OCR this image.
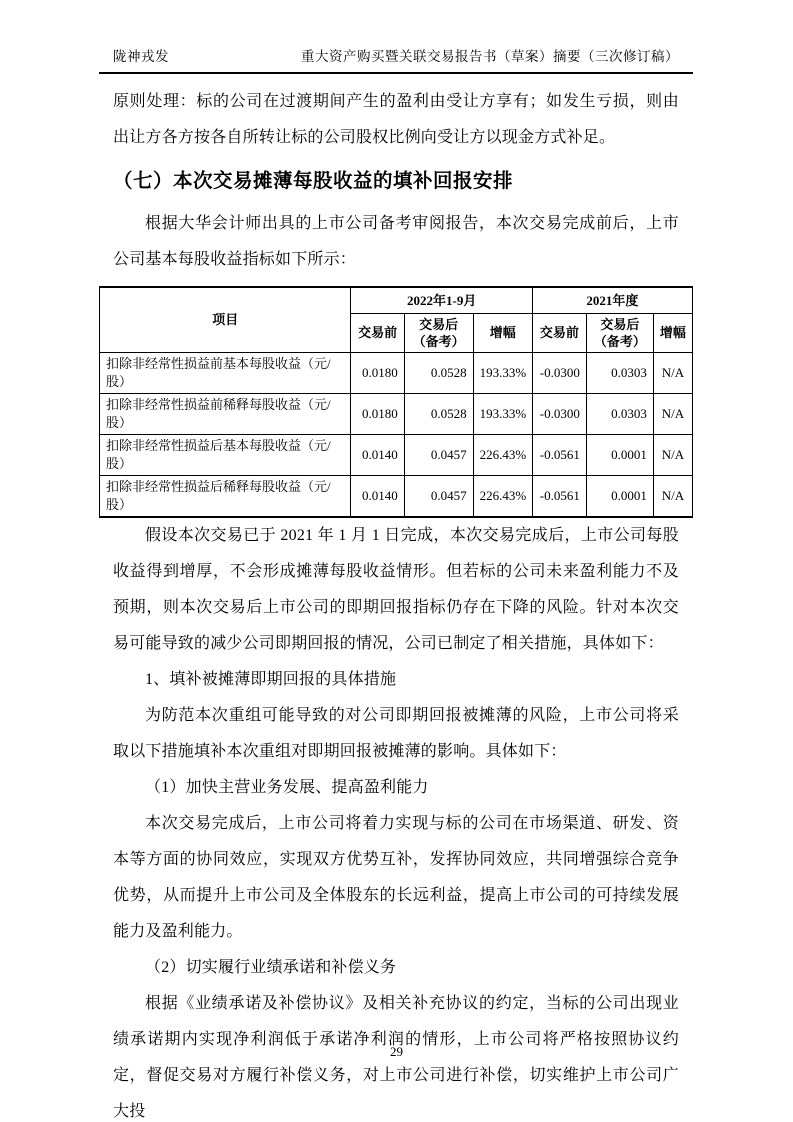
陇神戎发	重大资产购买暨关联交易报告书（草案）摘要（三次修订稿）

原则处理：标的公司在过渡期间产生的盈利由受让方享有；如发生亏损，则由出让方各方按各自所转让标的公司股权比例向受让方以现金方式补足。

（七）本次交易摊薄每股收益的填补回报安排

根据大华会计师出具的上市公司备考审阅报告，本次交易完成前后，上市公司基本每股收益指标如下所示：

项目	2022年1-9月			2021年度		
	交易前	交易后（备考）	增幅	交易前	交易后（备考）	增幅
扣除非经常性损益前基本每股收益（元/股）	0.0180	0.0528	193.33%	-0.0300	0.0303	N/A
扣除非经常性损益前稀释每股收益（元/股）	0.0180	0.0528	193.33%	-0.0300	0.0303	N/A
扣除非经常性损益后基本每股收益（元/股）	0.0140	0.0457	226.43%	-0.0561	0.0001	N/A
扣除非经常性损益后稀释每股收益（元/股）	0.0140	0.0457	226.43%	-0.0561	0.0001	N/A

假设本次交易已于 2021 年 1 月 1 日完成，本次交易完成后，上市公司每股收益得到增厚，不会形成摊薄每股收益情形。但若标的公司未来盈利能力不及预期，则本次交易后上市公司的即期回报指标仍存在下降的风险。针对本次交易可能导致的减少公司即期回报的情况，公司已制定了相关措施，具体如下：

1、填补被摊薄即期回报的具体措施

为防范本次重组可能导致的对公司即期回报被摊薄的风险，上市公司将采取以下措施填补本次重组对即期回报被摊薄的影响。具体如下：

（1）加快主营业务发展、提高盈利能力

本次交易完成后，上市公司将着力实现与标的公司在市场渠道、研发、资本等方面的协同效应，实现双方优势互补，发挥协同效应，共同增强综合竞争优势，从而提升上市公司及全体股东的长远利益，提高上市公司的可持续发展能力及盈利能力。

（2）切实履行业绩承诺和补偿义务

根据《业绩承诺及补偿协议》及相关补充协议的约定，当标的公司出现业绩承诺期内实现净利润低于承诺净利润的情形，上市公司将严格按照协议约定，督促交易对方履行补偿义务，对上市公司进行补偿，切实维护上市公司广大投

29
